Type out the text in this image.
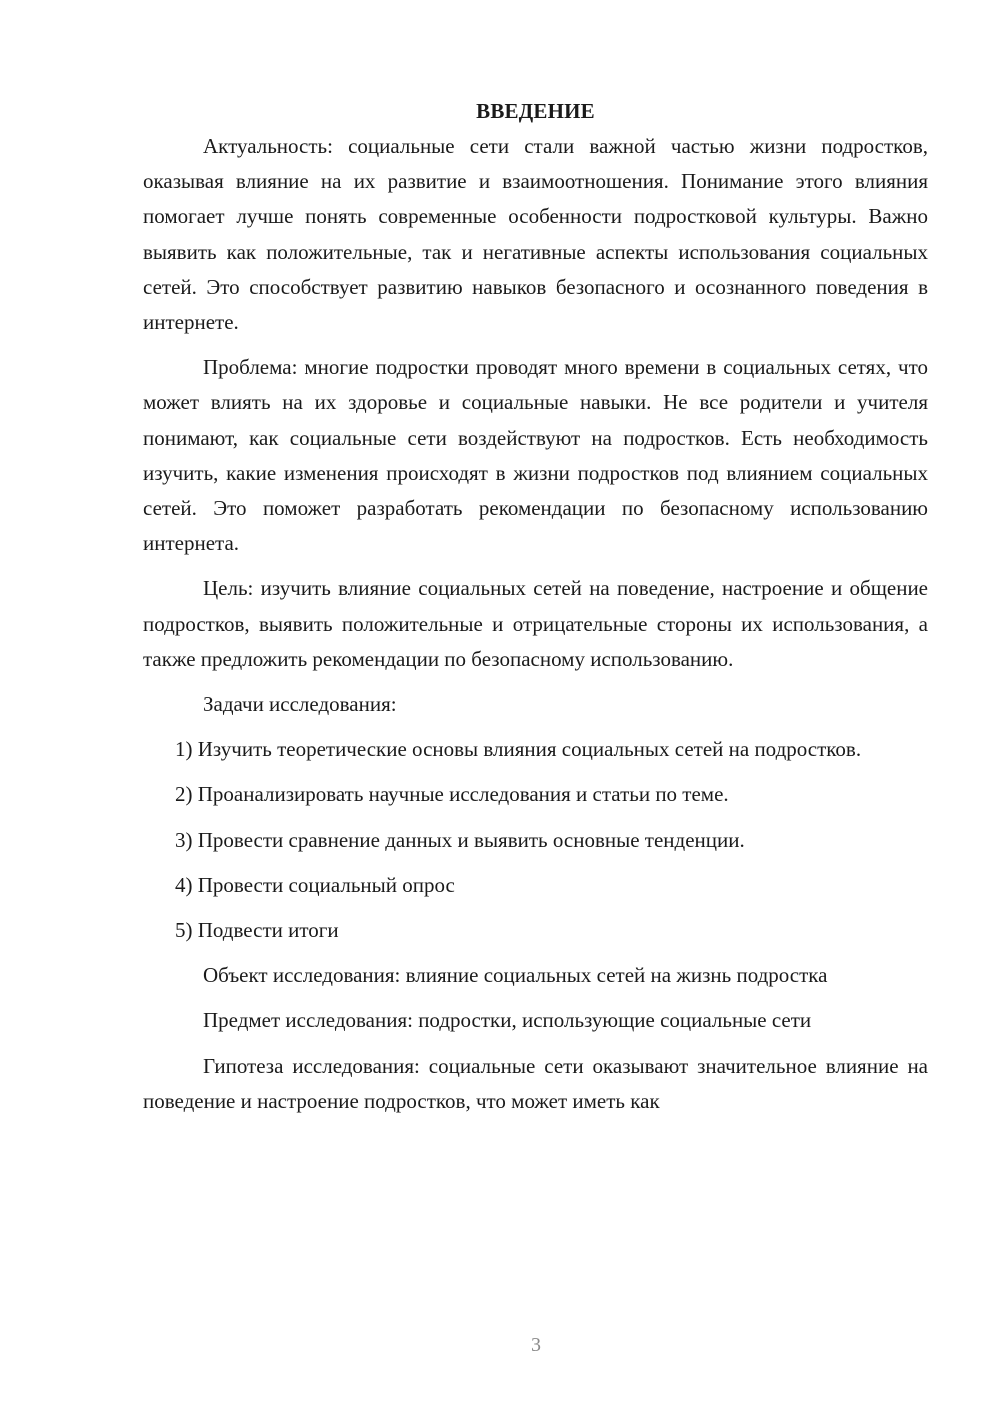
ВВЕДЕНИЕ

Актуальность: социальные сети стали важной частью жизни подростков, оказывая влияние на их развитие и взаимоотношения. Понимание этого влияния помогает лучше понять современные особенности подростковой культуры. Важно выявить как положительные, так и негативные аспекты использования социальных сетей. Это способствует развитию навыков безопасного и осознанного поведения в интернете.

Проблема: многие подростки проводят много времени в социальных сетях, что может влиять на их здоровье и социальные навыки. Не все родители и учителя понимают, как социальные сети воздействуют на подростков. Есть необходимость изучить, какие изменения происходят в жизни подростков под влиянием социальных сетей. Это поможет разработать рекомендации по безопасному использованию интернета.

Цель: изучить влияние социальных сетей на поведение, настроение и общение подростков, выявить положительные и отрицательные стороны их использования, а также предложить рекомендации по безопасному использованию.

Задачи исследования:

1) Изучить теоретические основы влияния социальных сетей на подростков.

2) Проанализировать научные исследования и статьи по теме.

3) Провести сравнение данных и выявить основные тенденции.

4) Провести социальный опрос

5) Подвести итоги

Объект исследования: влияние социальных сетей на жизнь подростка

Предмет исследования: подростки, использующие социальные сети

Гипотеза исследования: социальные сети оказывают значительное влияние на поведение и настроение подростков, что может иметь как

3
